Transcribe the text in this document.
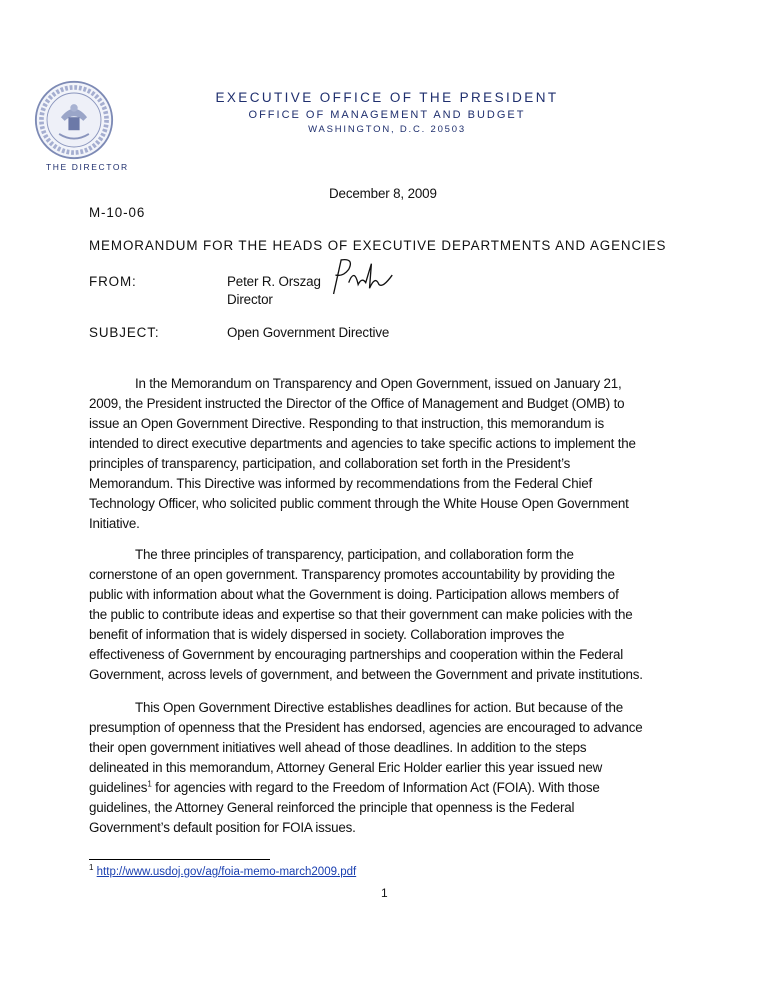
EXECUTIVE OFFICE OF THE PRESIDENT
OFFICE OF MANAGEMENT AND BUDGET
WASHINGTON, D.C. 20503
THE DIRECTOR
December 8, 2009
M-10-06
MEMORANDUM FOR THE HEADS OF EXECUTIVE DEPARTMENTS AND AGENCIES
FROM:	Peter R. Orszag
Director
SUBJECT:	Open Government Directive
In the Memorandum on Transparency and Open Government, issued on January 21,
2009, the President instructed the Director of the Office of Management and Budget (OMB) to
issue an Open Government Directive. Responding to that instruction, this memorandum is
intended to direct executive departments and agencies to take specific actions to implement the
principles of transparency, participation, and collaboration set forth in the President’s
Memorandum. This Directive was informed by recommendations from the Federal Chief
Technology Officer, who solicited public comment through the White House Open Government
Initiative.
The three principles of transparency, participation, and collaboration form the
cornerstone of an open government. Transparency promotes accountability by providing the
public with information about what the Government is doing. Participation allows members of
the public to contribute ideas and expertise so that their government can make policies with the
benefit of information that is widely dispersed in society. Collaboration improves the
effectiveness of Government by encouraging partnerships and cooperation within the Federal
Government, across levels of government, and between the Government and private institutions.
This Open Government Directive establishes deadlines for action. But because of the
presumption of openness that the President has endorsed, agencies are encouraged to advance
their open government initiatives well ahead of those deadlines. In addition to the steps
delineated in this memorandum, Attorney General Eric Holder earlier this year issued new
guidelines$^1$ for agencies with regard to the Freedom of Information Act (FOIA). With those
guidelines, the Attorney General reinforced the principle that openness is the Federal
Government’s default position for FOIA issues.
$^1$ http://www.usdoj.gov/ag/foia-memo-march2009.pdf
1
